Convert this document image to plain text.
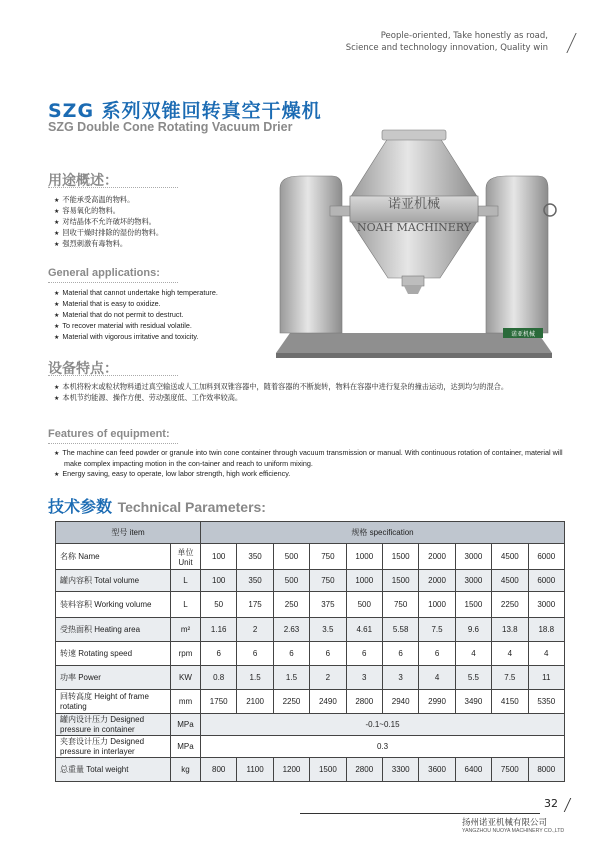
People-oriented, Take honestly as road,
Science and technology innovation, Quality win
SZG 系列双锥回转真空干燥机
SZG Double Cone Rotating Vacuum Drier
用途概述：
★ 不能承受高温的物料。
★ 容易氧化的物料。
★ 对结晶体不允许破坏的物料。
★ 回收干燥时排除的湿份的物料。
★ 强烈刺激有毒物料。
General applications:
★ Material that cannot undertake high temperature.
★ Material that is easy to oxidize.
★ Material that do not permit to destruct.
★ To recover material with residual volatile.
★ Material with vigorous irritative and toxicity.
诺亚机械
NOAH MACHINERY
诺亚机械
设备特点：
★ 本机将粉末或粒状物料通过真空输送或人工加料到双锥容器中，随着容器的不断旋转，物料在容器中进行复杂的撞击运动，达到均匀的混合。
★ 本机节约能源、操作方便、劳动强度低、工作效率较高。
Features of equipment:
★ The machine can feed powder or granule into twin cone container through vacuum transmission or manual. With continuous rotation of container, material will make complex impacting motion in the con-tainer and reach to uniform mixing.
★ Energy saving, easy to operate, low labor strength, high work efficiency.
技术参数 Technical Parameters:
型号 item		规格 specification									
名称 Name	单位 Unit	100	350	500	750	1000	1500	2000	3000	4500	6000
罐内容积 Total volume	L	100	350	500	750	1000	1500	2000	3000	4500	6000
装料容积 Working volume	L	50	175	250	375	500	750	1000	1500	2250	3000
受热面积 Heating area	m²	1.16	2	2.63	3.5	4.61	5.58	7.5	9.6	13.8	18.8
转速 Rotating speed	rpm	6	6	6	6	6	6	6	4	4	4
功率 Power	KW	0.8	1.5	1.5	2	3	3	4	5.5	7.5	11
回转高度 Height of frame rotating	mm	1750	2100	2250	2490	2800	2940	2990	3490	4150	5350
罐内设计压力 Designed pressure in container	MPa	-0.1~0.15									
夹套设计压力 Designed pressure in interlayer	MPa	0.3									
总重量 Total weight	kg	800	1100	1200	1500	2800	3300	3600	6400	7500	8000
32
扬州诺亚机械有限公司
YANGZHOU NUOYA MACHINERY CO.,LTD
